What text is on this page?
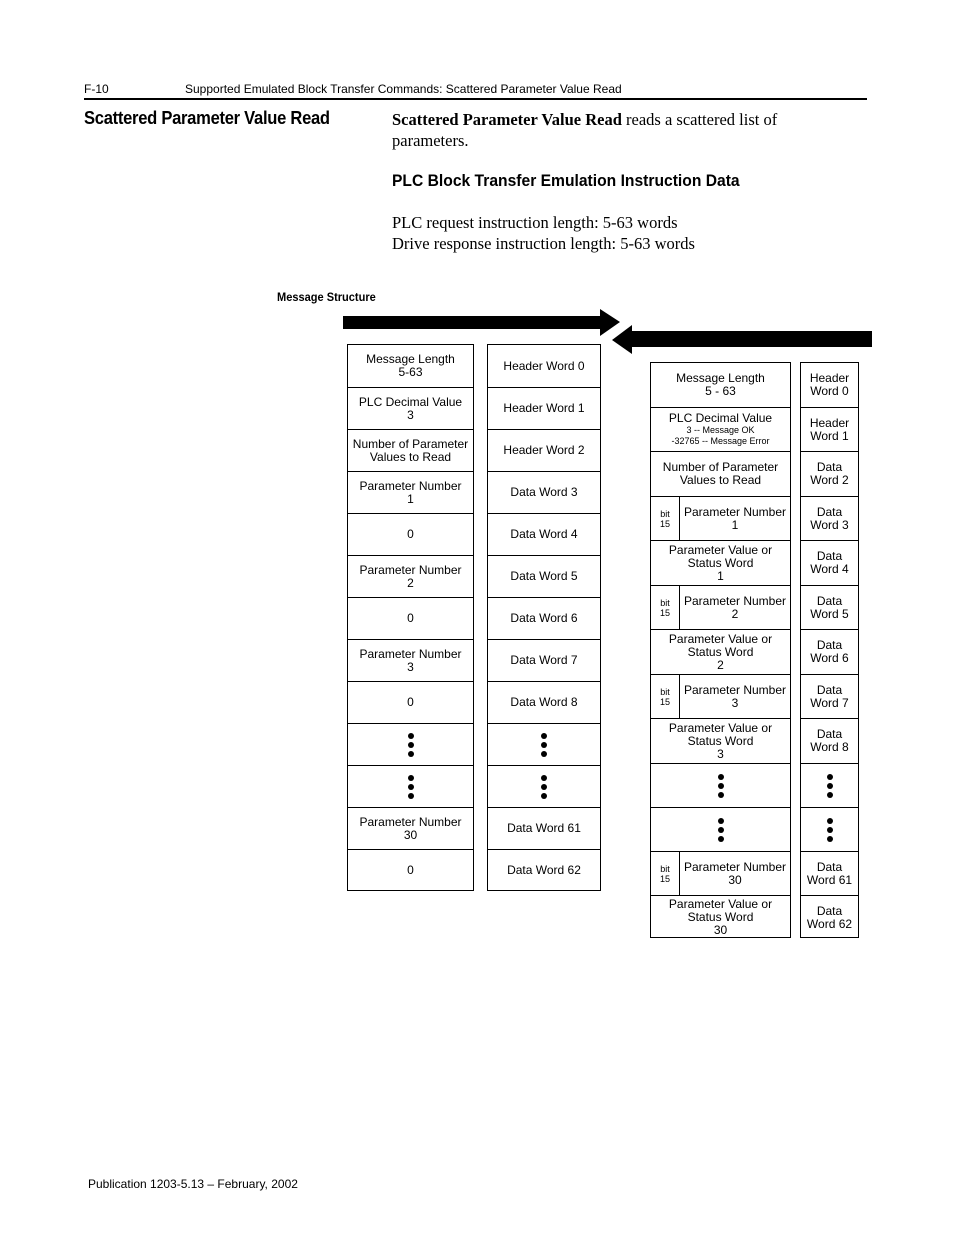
F-10	Supported Emulated Block Transfer Commands: Scattered Parameter Value Read
Scattered Parameter Value Read	Scattered Parameter Value Read reads a scattered list of parameters.
PLC Block Transfer Emulation Instruction Data
PLC request instruction length: 5-63 words
Drive response instruction length: 5-63 words
Message Structure
Message Length
5-63
PLC Decimal Value
3
Number of Parameter
Values to Read
Parameter Number
1
0
Parameter Number
2
0
Parameter Number
3
0
Parameter Number
30
0
Header Word 0
Header Word 1
Header Word 2
Data Word 3
Data Word 4
Data Word 5
Data Word 6
Data Word 7
Data Word 8
Data Word 61
Data Word 62
Message Length
5 - 63
PLC Decimal Value
3 -- Message OK
-32765 -- Message Error
Number of Parameter
Values to Read
bit
15
Parameter Number
1
Parameter Value or
Status Word
1
bit
15
Parameter Number
2
Parameter Value or
Status Word
2
bit
15
Parameter Number
3
Parameter Value or
Status Word
3
bit
15
Parameter Number
30
Parameter Value or
Status Word
30
Header
Word 0
Header
Word 1
Data
Word 2
Data
Word 3
Data
Word 4
Data
Word 5
Data
Word 6
Data
Word 7
Data
Word 8
Data
Word 61
Data
Word 62
Publication 1203-5.13 – February, 2002
